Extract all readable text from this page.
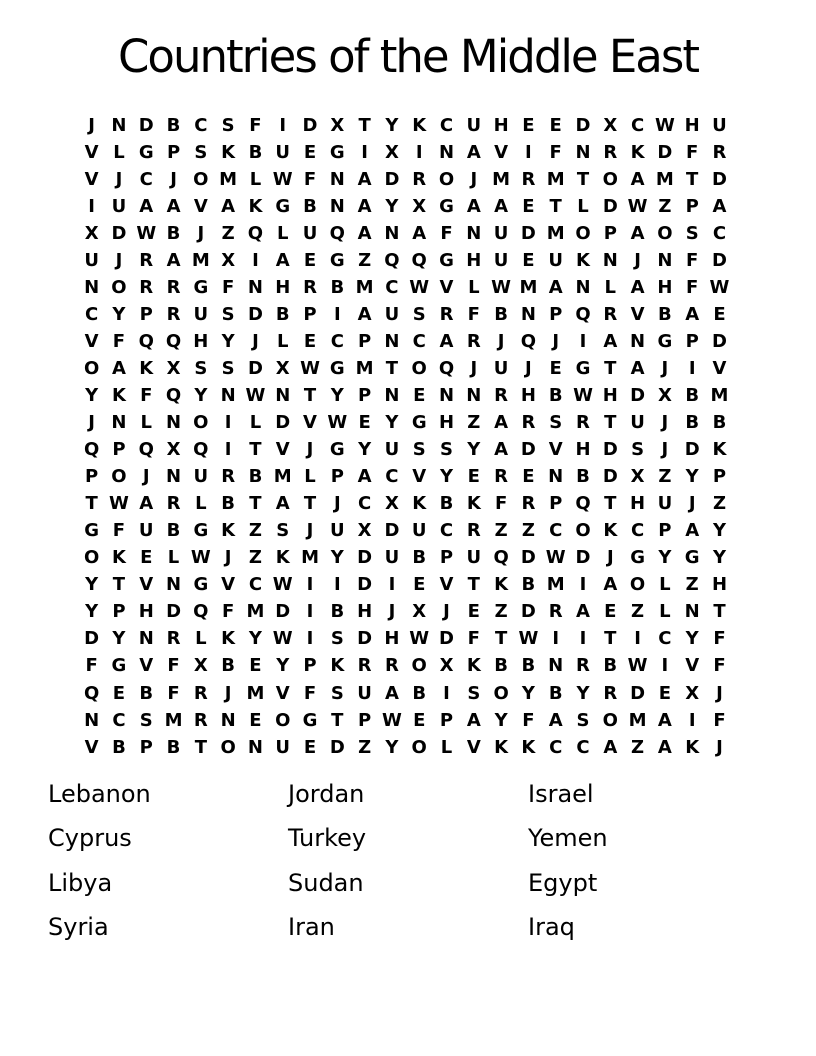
Countries of the Middle East
J N D B C S F I D X T Y K C U H E E D X C W H U
V L G P S K B U E G I X I N A V I F N R K D F R
V J C J O M L W F N A D R O J M R M T O A M T D
I U A A V A K G B N A Y X G A A E T L D W Z P A
X D W B J Z Q L U Q A N A F N U D M O P A O S C
U J R A M X I A E G Z Q Q G H U E U K N J N F D
N O R R G F N H R B M C W V L W M A N L A H F W
C Y P R U S D B P I A U S R F B N P Q R V B A E
V F Q Q H Y J	L E C P N C A R J Q J	I A N G P D
O A K X S S D X W G M T O Q J U J E G T A J	I V
Y K F Q Y N W N T Y P N E N N R H B W H D X B M
J N L N O I	L D V W E Y G H Z A R S R T U J B B
Q P Q X Q I T V J G Y U S S Y A D V H D S J D K
P O J N U R B M L P A C V Y E R E N B D X Z Y P
T W A R L B T A T J C X K B K F R P Q T H U J Z
G F U B G K Z S J U X D U C R Z Z C O K C P A Y
O K E L W J Z K M Y D U B P U Q D W D J G Y G Y
Y T V N G V C W I	I D I E V T K B M I A O L Z H
Y P H D Q F M D I B H J X J E Z D R A E Z L N T
D Y N R L K Y W I S D H W D F T W I	I T I C Y F
F G V F X B E Y P K R R O X K B B N R B W I V F
Q E B F R J M V F S U A B I S O Y B Y R D E X J
N C S M R N E O G T P W E P A Y F A S O M A I F
V B P B T O N U E D Z Y O L V K K C C A Z A K J
Lebanon
Cyprus
Libya
Syria
Jordan
Turkey
Sudan
Iran
Israel
Yemen
Egypt
Iraq
